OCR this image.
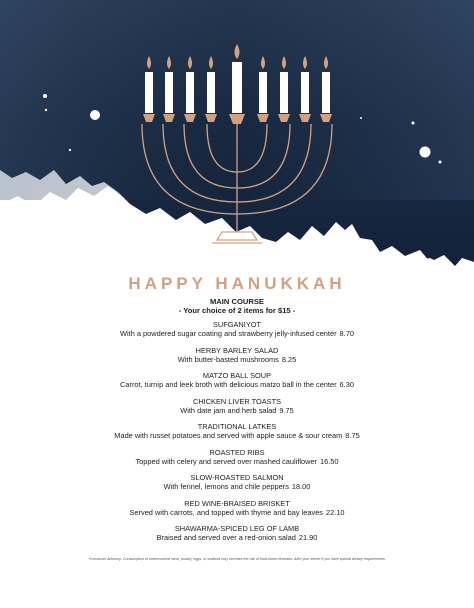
HAPPY HANUKKAH
MAIN COURSE
- Your choice of 2 items for $15 -
SUFGANIYOT
With a powdered sugar coating and strawberry jelly-infused center 8.70
HERBY BARLEY SALAD
With butter-basted mushrooms 8.25
MATZO BALL SOUP
Carrot, turnip and leek broth with delicious matzo ball in the center 6.30
CHICKEN LIVER TOASTS
With date jam and herb salad 9.75
TRADITIONAL LATKES
Made with russet potatoes and served with apple sauce & sour cream 8.75
ROASTED RIBS
Topped with celery and served over mashed cauliflower 16.50
SLOW-ROASTED SALMON
With fennel, lemons and chile peppers 18.00
RED WINE-BRAISED BRISKET
Served with carrots, and topped with thyme and bay leaves 22.10
SHAWARMA-SPICED LEG OF LAMB
Braised and served over a red-onion salad 21.90
*Consumer Advisory: Consumption of undercooked meat, poultry, eggs, or seafood may increase the risk of food-borne illnesses. Alert your server if you have special dietary requirements.
